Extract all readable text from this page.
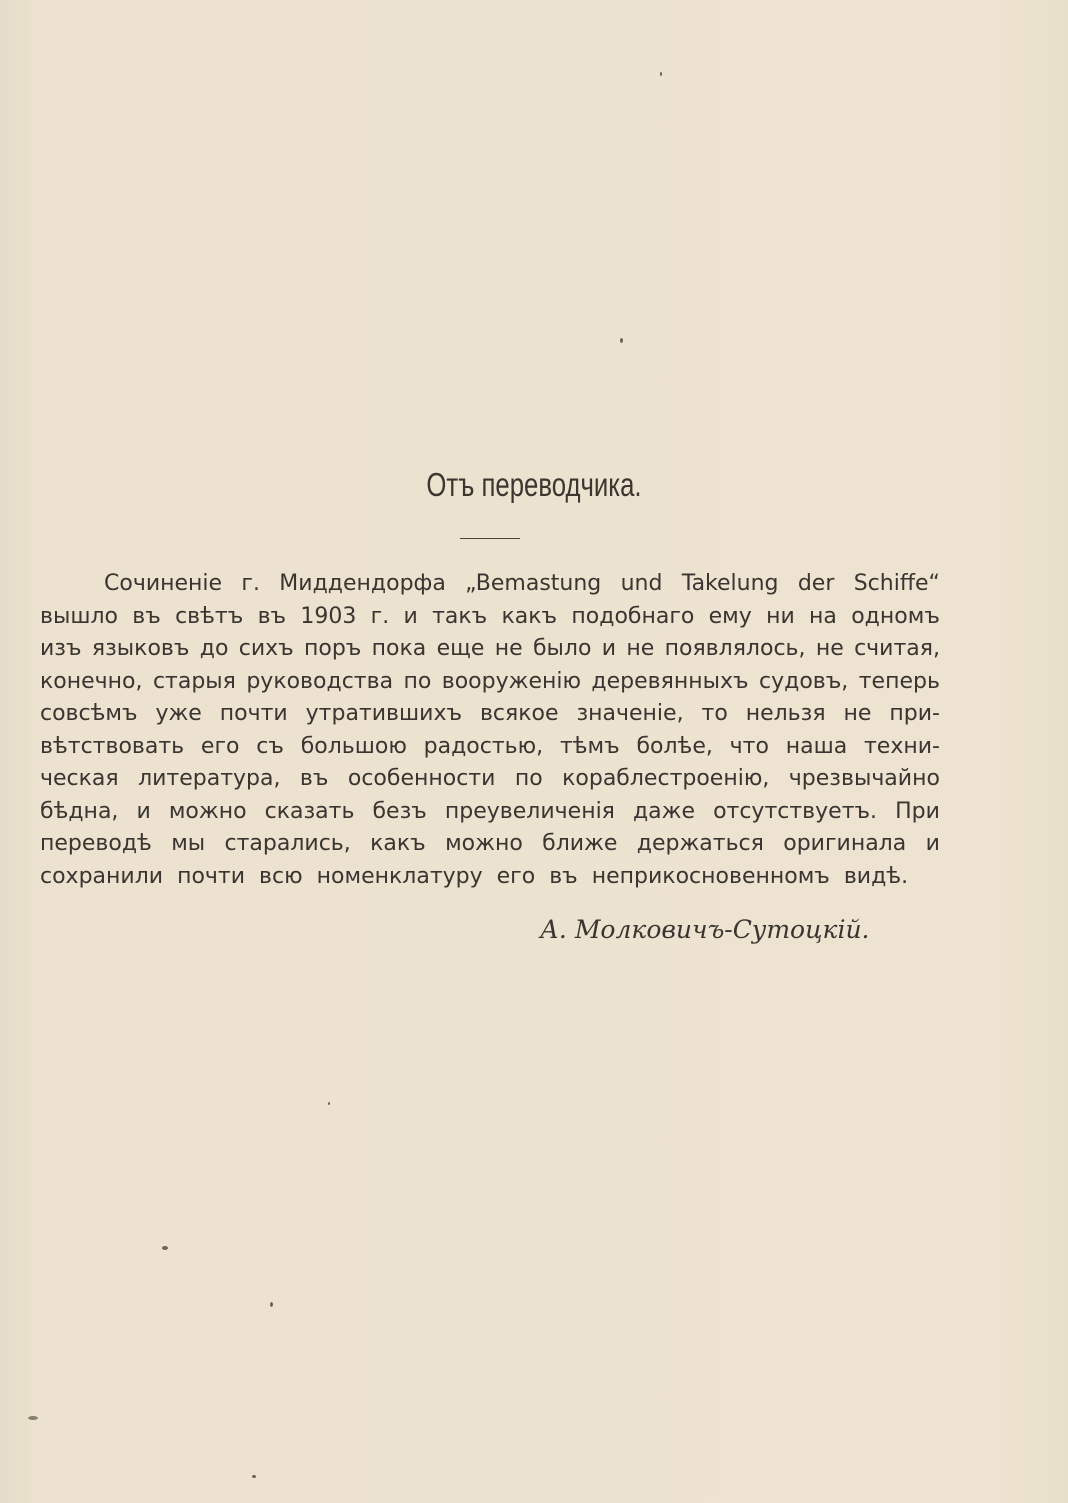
Отъ переводчика.
Сочиненіе г. Миддендорфа „Bemastung und Takelung der Schiffe“
вышло въ свѣтъ въ 1903 г. и такъ какъ подобнаго ему ни на одномъ
изъ языковъ до сихъ поръ пока еще не было и не появлялось, не считая,
конечно, старыя руководства по вооруженію деревянныхъ судовъ, теперь
совсѣмъ уже почти утратившихъ всякое значеніе, то нельзя не при-
вѣтствовать его съ большою радостью, тѣмъ болѣе, что наша техни-
ческая литература, въ особенности по кораблестроенію, чрезвычайно
бѣдна, и можно сказать безъ преувеличенія даже отсутствуетъ. При
переводѣ мы старались, какъ можно ближе держаться оригинала и
сохранили почти всю номенклатуру его въ неприкосновенномъ видѣ.
А. Молковичъ-Сутоцкій.
